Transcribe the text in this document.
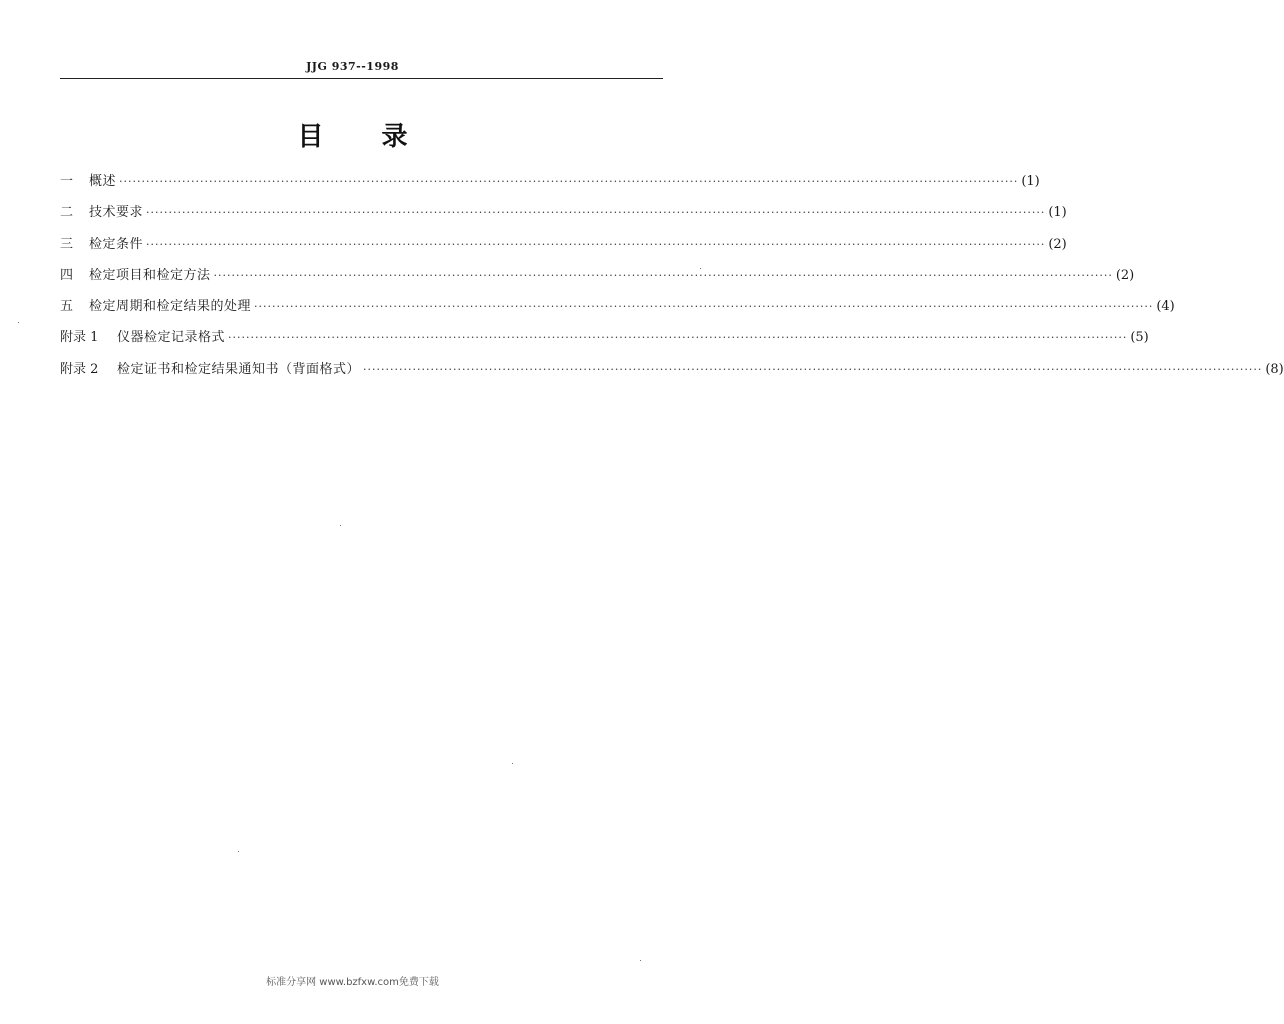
JJG 937--1998
目 录
一	概述 ········································································································································································································ (1)
二	技术要求 ········································································································································································································ (1)
三	检定条件 ········································································································································································································ (2)
四	检定项目和检定方法 ········································································································································································································ (2)
五	检定周期和检定结果的处理 ········································································································································································································ (4)
附录 1	仪器检定记录格式 ········································································································································································································ (5)
附录 2	检定证书和检定结果通知书（背面格式） ········································································································································································································ (8)
标准分享网 www.bzfxw.com免费下载
